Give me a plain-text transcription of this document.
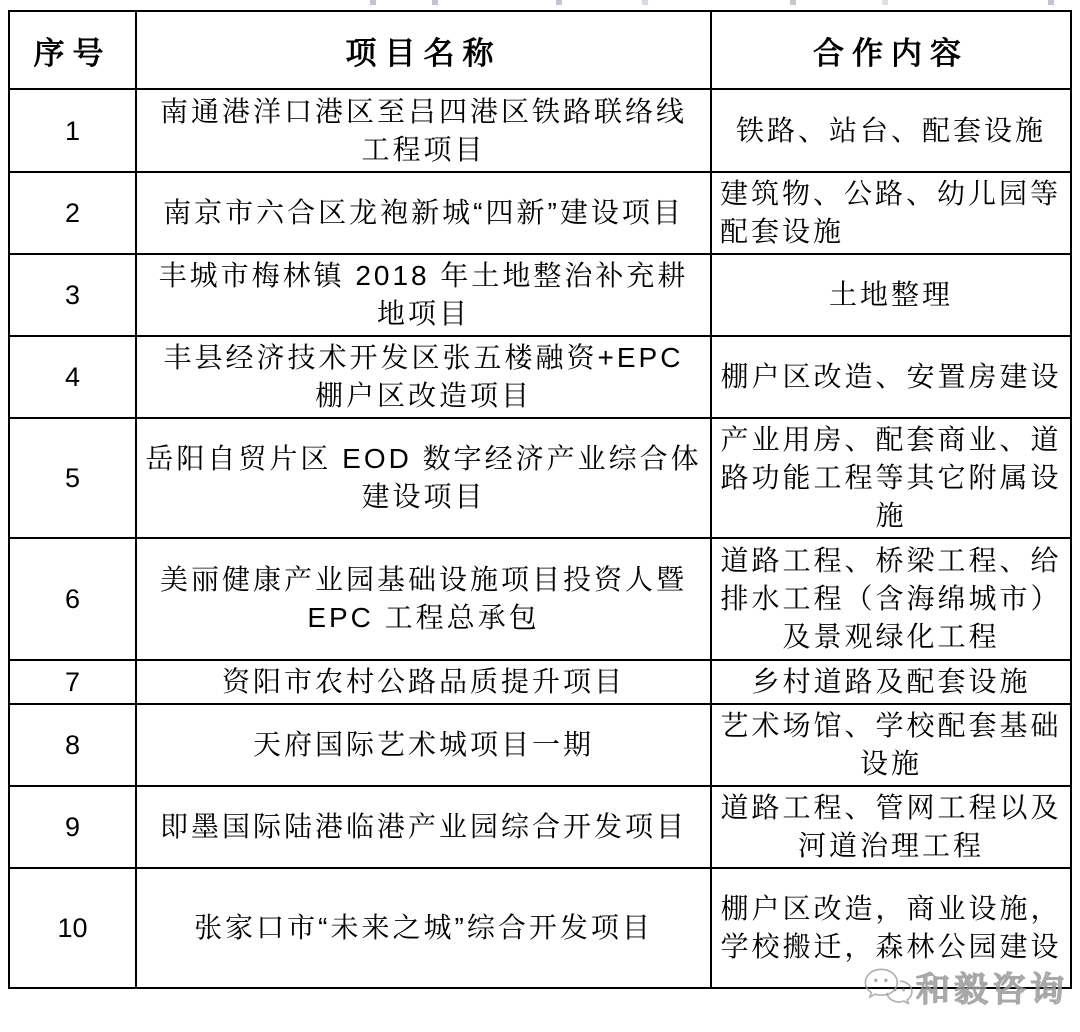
序号	项目名称	合作内容
1	南通港洋口港区至吕四港区铁路联络线工程项目	铁路、站台、配套设施
2	南京市六合区龙袍新城“四新”建设项目	建筑物、公路、幼儿园等配套设施
3	丰城市梅林镇 2018 年土地整治补充耕地项目	土地整理
4	丰县经济技术开发区张五楼融资+EPC 棚户区改造项目	棚户区改造、安置房建设
5	岳阳自贸片区 EOD 数字经济产业综合体建设项目	产业用房、配套商业、道路功能工程等其它附属设施
6	美丽健康产业园基础设施项目投资人暨 EPC 工程总承包	道路工程、桥梁工程、给排水工程（含海绵城市）及景观绿化工程
7	资阳市农村公路品质提升项目	乡村道路及配套设施
8	天府国际艺术城项目一期	艺术场馆、学校配套基础设施
9	即墨国际陆港临港产业园综合开发项目	道路工程、管网工程以及河道治理工程
10	张家口市“未来之城”综合开发项目	棚户区改造，商业设施，学校搬迁，森林公园建设
和毅咨询
